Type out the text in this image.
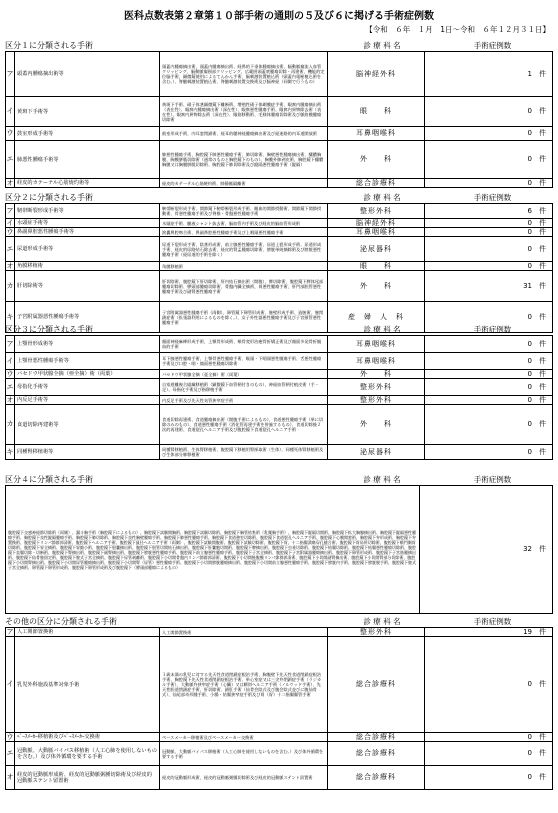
医科点数表第２章第１０部手術の通則の５及び６に掲げる手術症例数
【令和　６年　１月　1日～令和　６年１２月３１日】
区分１に分類される手術	診 療 科 名	手術症例数
ア	頭蓋内腫瘍摘出術等	頭蓋内腫瘍摘出術、頭蓋内腫瘍摘出術、経鼻的下垂体腫瘍摘出術、脳動脈瘤流入血管クリッピング、脳動脈瘤頸部クリッピング、広範囲頭蓋底腫瘍切除・再建術、機能的定位脳手術、顕微鏡使用によるてんかん手術、脳刺激装置植込術（頭蓋内電極植込術を含む。）、脊髄刺激装置植込術、脊髄刺激装置交換術及び脳神経（同側で行うもの）	脳神経外科	1　件
イ	黄斑下手術等	黄斑下手術、硝子体茎顕微鏡下離断術、増殖性硝子体網膜症手術、眼窩内腫瘍摘出術（表在性）、眼窩内腫瘍摘出術（深在性）、眼窩悪性腫瘍手術、眼窩内異物除去術（表在性）、眼窩内異物除去術（深在性）、眼筋移動術、毛様体腫瘍切除術及び脈絡膜腫瘍切除術	眼　　科	0　件
ウ	鼓室形成手術等	鼓室形成手術、内耳窓閉鎖術、経耳的聴神経腫瘍摘出術及び経迷路的内耳道開放術	耳鼻咽喉科	0　件
エ	肺悪性腫瘍手術等	肺悪性腫瘍手術、胸腔鏡下肺悪性腫瘍手術、肺切除術、胸壁悪性腫瘍摘出術、醸膿胸膜、胸膜胼胝切除術（通常のものと胸腔鏡下のもの）、胸膜外肺剥皮術、胸腔鏡下醸膿胸膜又は胸膜胼胝切除術、胸腔鏡下肺切除術及び縦隔悪性腫瘍手術（縦隔）	外　　科	0　件
オ	経皮的カテーテル心筋焼灼術等	経皮的カテーテル心筋焼灼術、肺静脈隔離術	総合診療科	0　件
区分２に分類される手術	診 療 科 名	手術症例数
ア	靭帯断裂形成手術等	靭帯断裂形成手術、関節鏡下靭帯断裂形成手術、観血的関節授動術、関節鏡下関節授動術、骨悪性腫瘍手術及び脊椎・骨盤悪性腫瘍手術	整形外科	6　件
イ	水頭症手術等	水頭症手術、髄液シャント抜去術、脳血管内手術及び経皮的脳血管形成術	脳神経外科	0　件
ウ	鼻副鼻腔悪性腫瘍手術等	涙嚢鼻腔吻合術、鼻副鼻腔悪性腫瘍手術及び上咽頭悪性腫瘍手術	耳鼻咽喉科	0　件
エ	尿道形成手術等	尿道下裂形成手術、陰茎形成術、前立腺悪性腫瘍手術、尿道上裂形成手術、尿道形成手術、経皮的尿路結石除去術、経皮的腎盂腫瘍切除術、膀胱単純摘除術及び膀胱悪性腫瘍手術（経尿道的手術を除く）	泌尿器科	0　件
オ	角膜移植術	角膜移植術	眼　　科	0　件
カ	肝切除術等	肝切除術、腹腔鏡下肝切除術、肝内結石摘出術（開腹）、膵切除術、腹腔鏡下膵体尾部腫瘍切除術、膵頭部腫瘍切除術、骨盤内臓全摘術、胃悪性腫瘍手術、肝門部胆管悪性腫瘍手術及び副腎悪性腫瘍手術	外　　科	31　件
キ	子宮附属器悪性腫瘍手術等	子宮附属器悪性腫瘍手術（両側）、卵管鏡下卵管形成術、腟壁形成手術、造腟術、腟閉鎖症術（拡張器利用によるものを除く。）、女子外性器悪性腫瘍手術及び子宮頸管悪性腫瘍手術	産　婦　人　科	0　件
区分３に分類される手術	診 療 科 名	手術症例数
ア	上顎骨形成術等	顔面神経麻痺形成手術、上顎骨形成術、頬骨変形治癒骨折矯正術及び顔面多発骨折観血的手術	耳鼻咽喉科	0　件
イ	上顎骨悪性腫瘍手術等	耳下腺悪性腫瘍手術、上顎骨悪性腫瘍手術、喉頭・下咽頭悪性腫瘍手術、舌悪性腫瘍手術及び口腔・咽・顔面悪性腫瘍切除術	耳鼻咽喉科	0　件
ウ	バセドウ甲状腺全摘（亜全摘）術（両葉）	バセドウ甲状腺全摘（亜全摘）術（両葉）	外　　科	0　件
エ	母指化手術等	自家遊離複合組織移植術（顕微鏡下血管柄付きのもの）、神経血管柄付植皮術（手・足）、母指化手術及び指移植手術	整形外科	0　件
オ	内反足手術等	内反足手術及び先天性気管狭窄症手術	整形外科	0　件
カ	食道切除再建術等	食道切除再建術、食道腫瘍摘出術（開腹手術によるもの）、食道悪性腫瘍手術（単に切除のみのもの）、食道悪性腫瘍手術（消化管再建手術を併施するもの）、食道切除後２次的再建術、食道裂孔ヘルニア手術及び腹腔鏡下食道裂孔ヘルニア手術	外　　科	0　件
キ	同種腎移植術等	同種腎移植術、生体腎移植術、腹腔鏡下移植用腎採取術（生体）、同種死体腎移植術及び生体部分肺移植術	泌尿器科	0　件
区分４に分類される手術	診 療 科 名	手術症例数
腹腔鏡下交感神経節切除術（両側）、漏斗胸手術（胸腔鏡下によるもの）、胸腔鏡下試験開胸術、胸腔鏡下試験切除術、胸腔鏡下胸管結紮術（乳糜胸手術）、胸腔鏡下縦隔切開術、胸腔鏡下拡大胸腺摘出術、胸腔鏡下縦隔悪性腫瘍手術、胸腔鏡下良性縦隔腫瘍手術、胸腔鏡下肺切除術、胸腔鏡下良性胸壁腫瘍手術、胸腔鏡下肺悪性腫瘍手術、胸腔鏡下食道憩室切除術、腹腔鏡下食道裂孔ヘルニア手術、腹腔鏡下心膜開窓術、胸腔鏡下弁形成術、胸腔鏡下弁置換術、腹腔鏡下リンパ節群郭清術、腹腔鏡下ヘルニア手術、腹腔鏡下鼠径ヘルニア手術（両側）、腹腔鏡下試験開腹術、腹腔鏡下試験切除術、腹腔鏡下胃、十二指腸潰瘍穿孔縫合術、腹腔鏡下胃局所切除術、腹腔鏡下噴門側胃切除術、腹腔鏡下胃全摘術、腹腔鏡下胃縮小術、腹腔鏡下胆嚢摘出術、腹腔鏡下胆管切開結石摘出術、腹腔鏡下肝嚢胞切開術、腹腔鏡下脾摘出術、腹腔鏡下虫垂切除術、腹腔鏡下結腸切除術、腹腔鏡下結腸悪性腫瘍切除術、腹腔鏡下直腸切除・切断術、腹腔鏡下腎摘出術、腹腔鏡下副腎摘出術、腹腔鏡下膀胱悪性腫瘍手術、腹腔鏡下前立腺悪性腫瘍手術、腹腔鏡下子宮全摘術、腹腔鏡下子宮附属器腫瘍摘出術、腹腔鏡下卵管形成術、腹腔鏡下子宮筋腫摘出術、腹腔鏡下仙骨腟固定術、腹腔鏡下膣式子宮全摘術、腹腔鏡下尿管剥離術、腹腔鏡下小切開骨盤内リンパ節群郭清術、腹腔鏡下小切開後腹膜リンパ節群郭清術、腹腔鏡下小切開副腎摘出術、腹腔鏡下小切開腎部分切除術、腹腔鏡下小切開腎摘出術、腹腔鏡下小切開尿管腫瘍摘出術、腹腔鏡下小切開腎（尿管）悪性腫瘍手術、腹腔鏡下小切開膀胱腫瘍摘出術、腹腔鏡下小切開前立腺悪性腫瘍手術、腹腔鏡下膀胱内手術、腹腔鏡下膀胱脱手術、腹腔鏡下腟式子宮全摘術、卵管鏡下卵管形成術、腹腔鏡下卵管形成術及び腹腔鏡下（膵頭部腫瘍によるもの）	32　件
その他の区分に分類される手術	診 療 科 名	手術症例数
ア	人工関節置換術	人工関節置換術	整形外科	19　件
イ	乳児外科施設基準対象手術	１歳未満の乳児に対する先天性食道閉鎖症根治手術、胸腹壁下先天性食道閉鎖症根治手術、胸腔鏡下先天性食道閉鎖症根治手術、単心室症又は三尖弁閉鎖症手術（ラジカル手術）、大動脈弁狭窄症手術（心臓）又は臍帯ヘルニア手術（ノルウッド手術）、先天性胆道閉鎖症手術、肝切除術、鎖肛手術（仙骨会陰式及び腹会陰式並びに腹仙骨式）、仙尾部奇形腫手術、小腸・結腸狭窄症手術及び胃（胃）十二指腸腸管手術	総合診療科	0　件
ウ	ﾍﾟｰｽﾒｰｶｰ移植術及びﾍﾟｰｽﾒｰｶｰ交換術	ペースメーカー移植術及びペースメーカー交換術	総合診療科	0　件
エ	冠動脈、大動脈バイパス移植術（人工心肺を使用しないものを含む。）及び体外循環を要する手術	冠動脈、大動脈バイパス移植術（人工心肺を使用しないものを含む。）及び体外循環を要する手術	総合診療科	0　件
オ	経皮的冠動脈形成術、経皮的冠動脈粥腫切除術及び経皮的冠動脈ステント留置術	経皮的冠動脈形成術、経皮的冠動脈粥腫切除術及び経皮的冠動脈ステント留置術	総合診療科	0　件
